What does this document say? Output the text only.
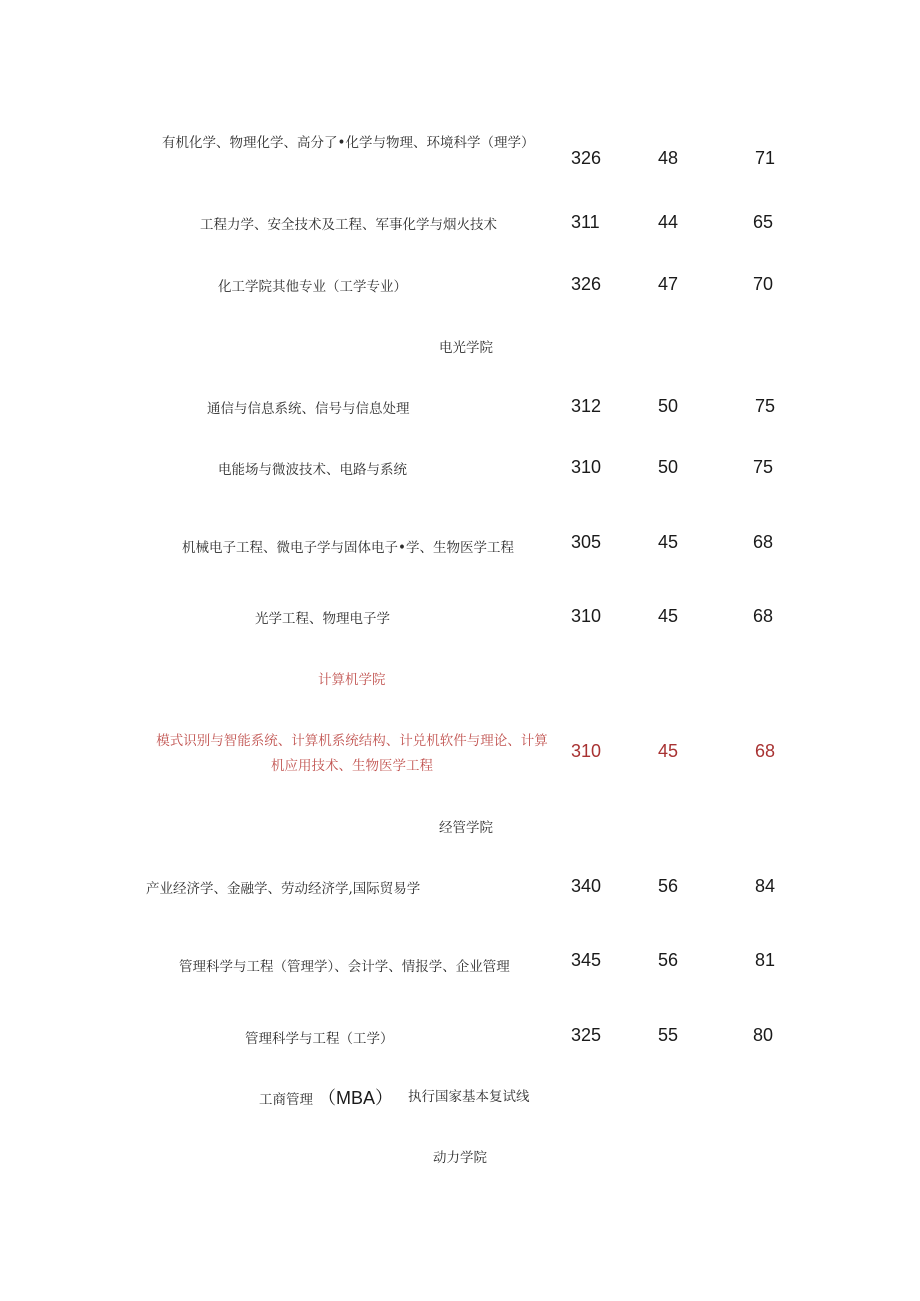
有机化学、物理化学、高分了•化学与物理、环境科学（理学）
326	48	71
工程力学、安全技术及工程、军事化学与烟火技术	311	44	65
化工学院其他专业（工学专业）	326	47	70
电光学院
通信与信息系统、信号与信息处理	312	50	75
电能场与微波技术、电路与系统	310	50	75
机械电子工程、微电子学与固体电子•学、生物医学工程	305	45	68
光学工程、物理电子学	310	45	68
计算机学院
模式识别与智能系统、计算机系统结构、计兑机软件与理论、计算
机应用技术、生物医学工程
310	45	68
经管学院
产业经济学、金融学、劳动经济学,国际贸易学	340	56	84
管理科学与工程（管理学）、会计学、情报学、企业管理	345	56	81
管理科学与工程（工学）	325	55	80
工商管理 （MBA） 执行国家基本复试线
动力学院
